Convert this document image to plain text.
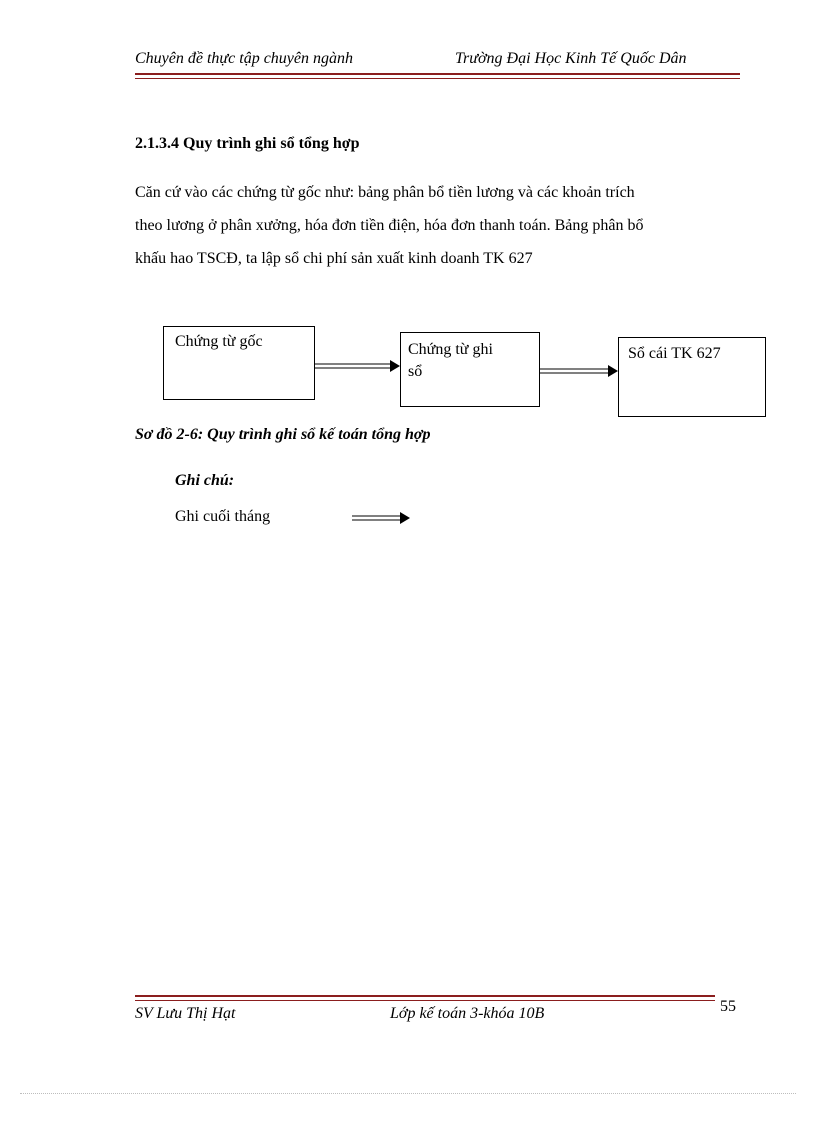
Chuyên đề thực tập chuyên ngành	Trường Đại Học Kinh Tế Quốc Dân
2.1.3.4 Quy trình ghi sổ tổng hợp
Căn cứ vào các chứng từ gốc như: bảng phân bổ tiền lương và các khoản trích
theo lương ở phân xưởng, hóa đơn tiền điện, hóa đơn thanh toán. Bảng phân bổ
khấu hao TSCĐ, ta lập sổ chi phí sản xuất kinh doanh TK 627
Chứng từ gốc	Chứng từ ghi
sổ
Sổ cái TK 627
Sơ đồ 2-6: Quy trình ghi sổ kế toán tổng hợp
Ghi chú:
Ghi cuối tháng
SV Lưu Thị Hạt	Lớp kế toán 3-khóa 10B	55
